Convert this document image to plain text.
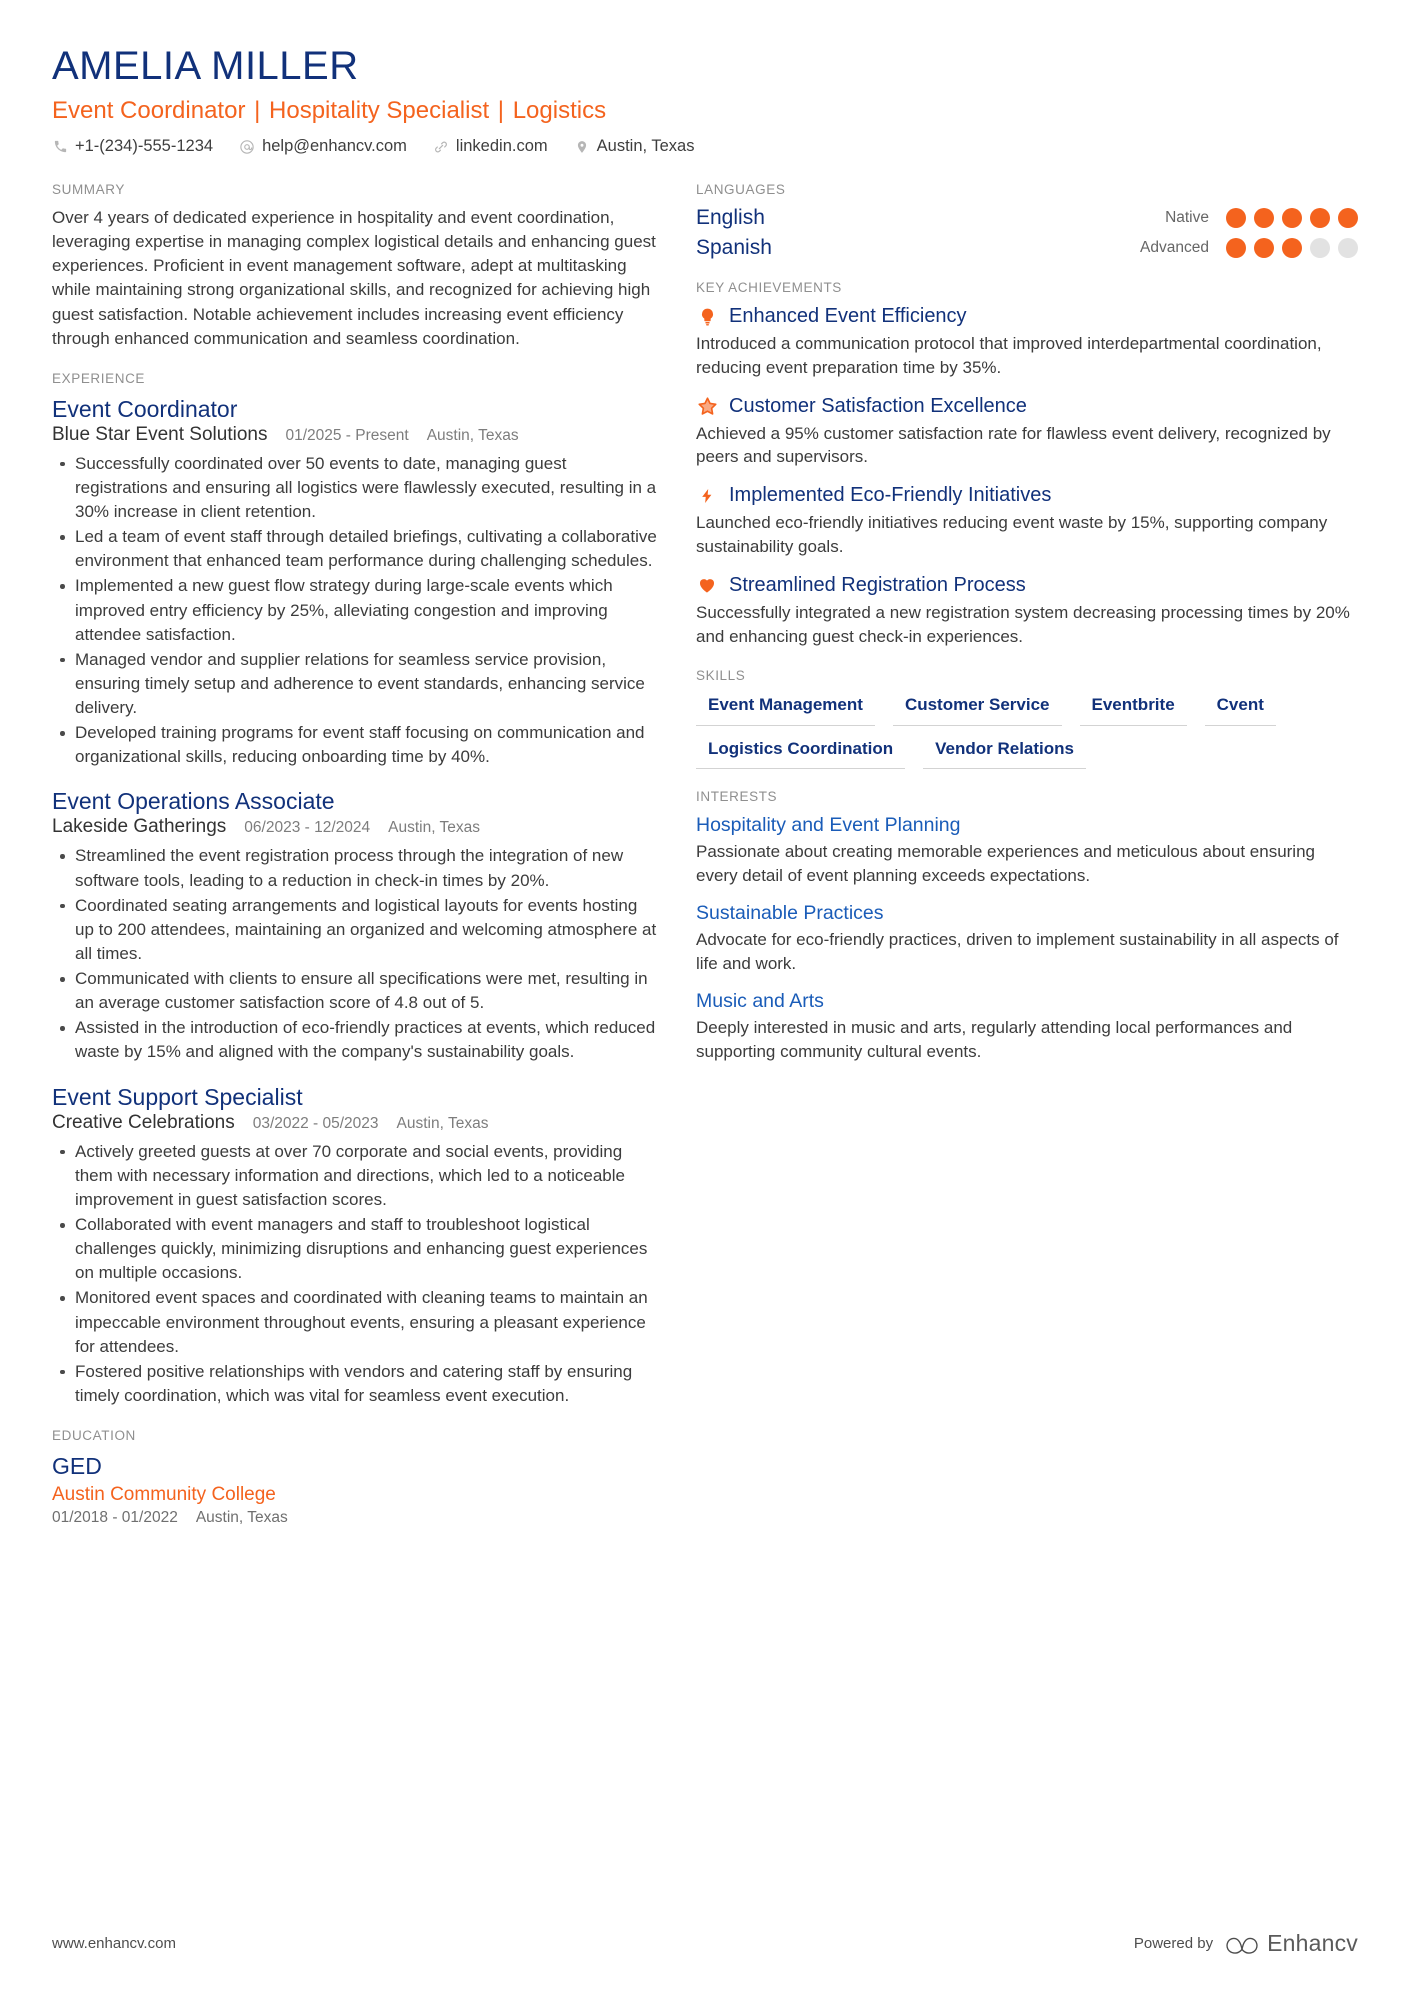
AMELIA MILLER
Event Coordinator | Hospitality Specialist | Logistics
+1-(234)-555-1234	help@enhancv.com	linkedin.com	Austin, Texas
SUMMARY
Over 4 years of dedicated experience in hospitality and event coordination, leveraging expertise in managing complex logistical details and enhancing guest experiences. Proficient in event management software, adept at multitasking while maintaining strong organizational skills, and recognized for achieving high guest satisfaction. Notable achievement includes increasing event efficiency through enhanced communication and seamless coordination.
EXPERIENCE
Event Coordinator
Blue Star Event Solutions 01/2025 - Present Austin, Texas
Successfully coordinated over 50 events to date, managing guest registrations and ensuring all logistics were flawlessly executed, resulting in a 30% increase in client retention.
Led a team of event staff through detailed briefings, cultivating a collaborative environment that enhanced team performance during challenging schedules.
Implemented a new guest flow strategy during large-scale events which improved entry efficiency by 25%, alleviating congestion and improving attendee satisfaction.
Managed vendor and supplier relations for seamless service provision, ensuring timely setup and adherence to event standards, enhancing service delivery.
Developed training programs for event staff focusing on communication and organizational skills, reducing onboarding time by 40%.
Event Operations Associate
Lakeside Gatherings 06/2023 - 12/2024 Austin, Texas
Streamlined the event registration process through the integration of new software tools, leading to a reduction in check-in times by 20%.
Coordinated seating arrangements and logistical layouts for events hosting up to 200 attendees, maintaining an organized and welcoming atmosphere at all times.
Communicated with clients to ensure all specifications were met, resulting in an average customer satisfaction score of 4.8 out of 5.
Assisted in the introduction of eco-friendly practices at events, which reduced waste by 15% and aligned with the company's sustainability goals.
Event Support Specialist
Creative Celebrations 03/2022 - 05/2023 Austin, Texas
Actively greeted guests at over 70 corporate and social events, providing them with necessary information and directions, which led to a noticeable improvement in guest satisfaction scores.
Collaborated with event managers and staff to troubleshoot logistical challenges quickly, minimizing disruptions and enhancing guest experiences on multiple occasions.
Monitored event spaces and coordinated with cleaning teams to maintain an impeccable environment throughout events, ensuring a pleasant experience for attendees.
Fostered positive relationships with vendors and catering staff by ensuring timely coordination, which was vital for seamless event execution.
EDUCATION
GED
Austin Community College
01/2018 - 01/2022 Austin, Texas
LANGUAGES
English	Native
Spanish	Advanced
KEY ACHIEVEMENTS
Enhanced Event Efficiency
Introduced a communication protocol that improved interdepartmental coordination, reducing event preparation time by 35%.
Customer Satisfaction Excellence
Achieved a 95% customer satisfaction rate for flawless event delivery, recognized by peers and supervisors.
Implemented Eco-Friendly Initiatives
Launched eco-friendly initiatives reducing event waste by 15%, supporting company sustainability goals.
Streamlined Registration Process
Successfully integrated a new registration system decreasing processing times by 20% and enhancing guest check-in experiences.
SKILLS
Event Management	Customer Service	Eventbrite	Cvent
Logistics Coordination	Vendor Relations
INTERESTS
Hospitality and Event Planning
Passionate about creating memorable experiences and meticulous about ensuring every detail of event planning exceeds expectations.
Sustainable Practices
Advocate for eco-friendly practices, driven to implement sustainability in all aspects of life and work.
Music and Arts
Deeply interested in music and arts, regularly attending local performances and supporting community cultural events.
www.enhancv.com	Powered by Enhancv
